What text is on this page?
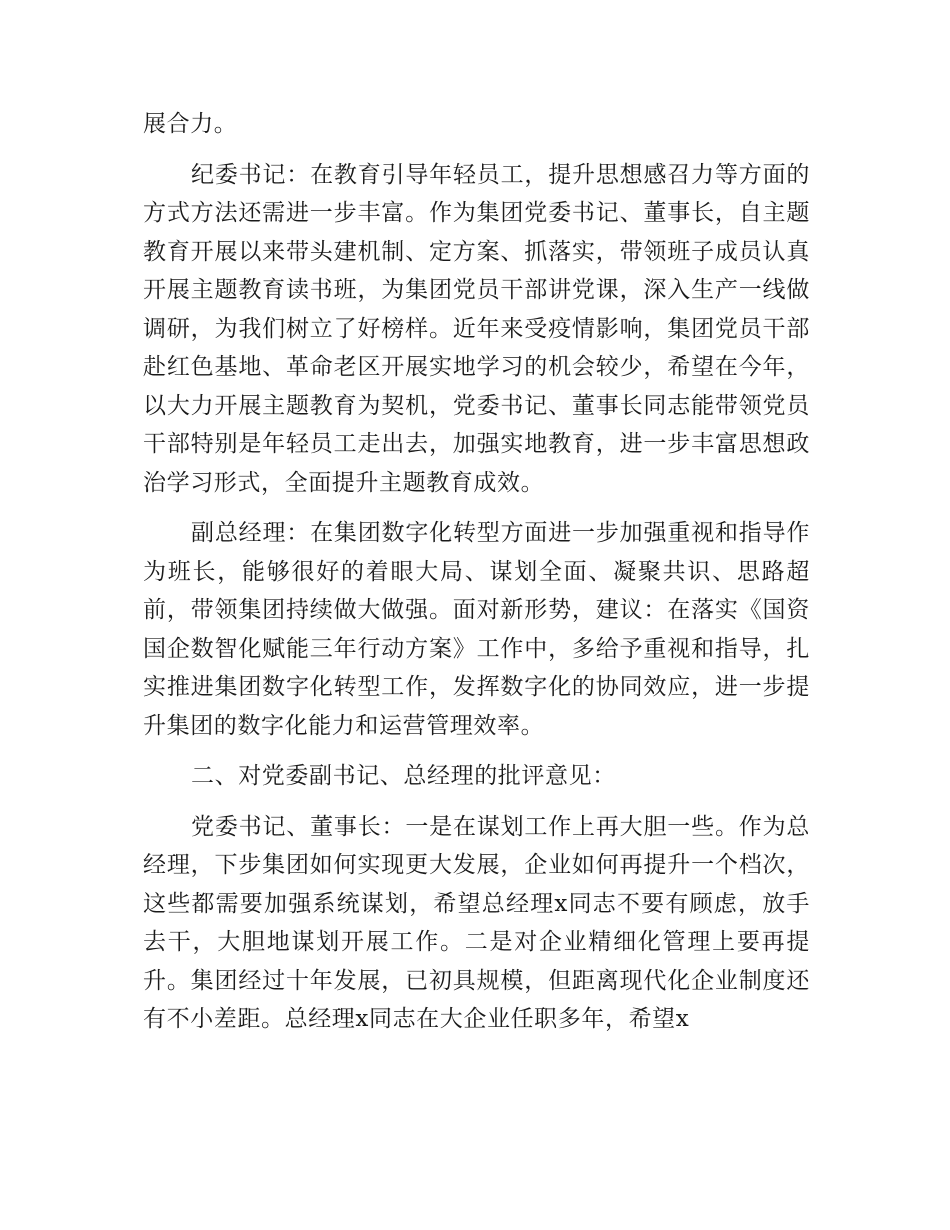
展合力。

纪委书记：在教育引导年轻员工，提升思想感召力等方面的方式方法还需进一步丰富。作为集团党委书记、董事长，自主题教育开展以来带头建机制、定方案、抓落实，带领班子成员认真开展主题教育读书班，为集团党员干部讲党课，深入生产一线做调研，为我们树立了好榜样。近年来受疫情影响，集团党员干部赴红色基地、革命老区开展实地学习的机会较少，希望在今年，以大力开展主题教育为契机，党委书记、董事长同志能带领党员干部特别是年轻员工走出去，加强实地教育，进一步丰富思想政治学习形式，全面提升主题教育成效。

副总经理：在集团数字化转型方面进一步加强重视和指导作为班长，能够很好的着眼大局、谋划全面、凝聚共识、思路超前，带领集团持续做大做强。面对新形势，建议：在落实《国资国企数智化赋能三年行动方案》工作中，多给予重视和指导，扎实推进集团数字化转型工作，发挥数字化的协同效应，进一步提升集团的数字化能力和运营管理效率。

二、对党委副书记、总经理的批评意见：

党委书记、董事长：一是在谋划工作上再大胆一些。作为总经理，下步集团如何实现更大发展，企业如何再提升一个档次，这些都需要加强系统谋划，希望总经理x同志不要有顾虑，放手去干，大胆地谋划开展工作。二是对企业精细化管理上要再提升。集团经过十年发展，已初具规模，但距离现代化企业制度还有不小差距。总经理x同志在大企业任职多年，希望x
